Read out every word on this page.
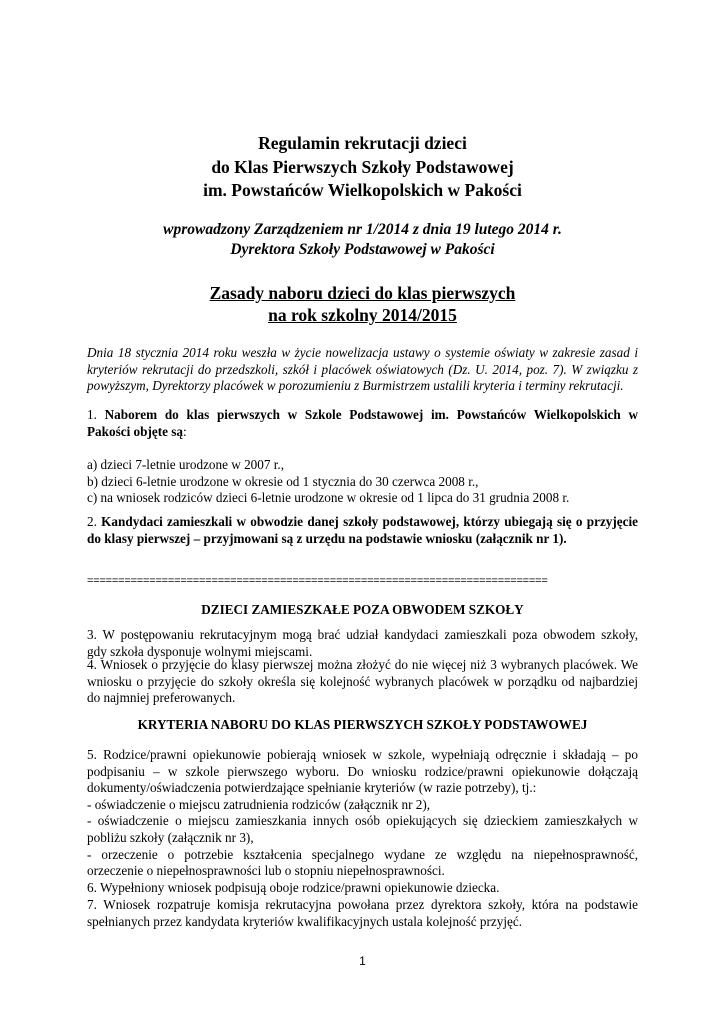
Regulamin rekrutacji dzieci
do Klas Pierwszych Szkoły Podstawowej
im. Powstańców Wielkopolskich w Pakości
wprowadzony Zarządzeniem nr 1/2014 z dnia 19 lutego 2014 r.
Dyrektora Szkoły Podstawowej w Pakości
Zasady naboru dzieci do klas pierwszych
na rok szkolny 2014/2015
Dnia 18 stycznia 2014 roku weszła w życie nowelizacja ustawy o systemie oświaty w zakresie zasad i
kryteriów rekrutacji do przedszkoli, szkół i placówek oświatowych (Dz. U. 2014, poz. 7). W związku z
powyższym, Dyrektorzy placówek w porozumieniu z Burmistrzem ustalili kryteria i terminy rekrutacji.
1. Naborem do klas pierwszych w Szkole Podstawowej im. Powstańców Wielkopolskich w
Pakości objęte są:
a) dzieci 7-letnie urodzone w 2007 r.,
b) dzieci 6-letnie urodzone w okresie od 1 stycznia do 30 czerwca 2008 r.,
c) na wniosek rodziców dzieci 6-letnie urodzone w okresie od 1 lipca do 31 grudnia 2008 r.
2. Kandydaci zamieszkali w obwodzie danej szkoły podstawowej, którzy ubiegają się o przyjęcie
do klasy pierwszej – przyjmowani są z urzędu na podstawie wniosku (załącznik nr 1).
==========================================================================
DZIECI ZAMIESZKAŁE POZA OBWODEM SZKOŁY
3. W postępowaniu rekrutacyjnym mogą brać udział kandydaci zamieszkali poza obwodem szkoły,
gdy szkoła dysponuje wolnymi miejscami.
4. Wniosek o przyjęcie do klasy pierwszej można złożyć do nie więcej niż 3 wybranych placówek. We
wniosku o przyjęcie do szkoły określa się kolejność wybranych placówek w porządku od najbardziej
do najmniej preferowanych.
KRYTERIA NABORU DO KLAS PIERWSZYCH SZKOŁY PODSTAWOWEJ
5. Rodzice/prawni opiekunowie pobierają wniosek w szkole, wypełniają odręcznie i składają – po
podpisaniu – w szkole pierwszego wyboru. Do wniosku rodzice/prawni opiekunowie dołączają
dokumenty/oświadczenia potwierdzające spełnianie kryteriów (w razie potrzeby), tj.:
- oświadczenie o miejscu zatrudnienia rodziców (załącznik nr 2),
- oświadczenie o miejscu zamieszkania innych osób opiekujących się dzieckiem zamieszkałych w
pobliżu szkoły (załącznik nr 3),
- orzeczenie o potrzebie kształcenia specjalnego wydane ze względu na niepełnosprawność,
orzeczenie o niepełnosprawności lub o stopniu niepełnosprawności.
6. Wypełniony wniosek podpisują oboje rodzice/prawni opiekunowie dziecka.
7. Wniosek rozpatruje komisja rekrutacyjna powołana przez dyrektora szkoły, która na podstawie
spełnianych przez kandydata kryteriów kwalifikacyjnych ustala kolejność przyjęć.
1
